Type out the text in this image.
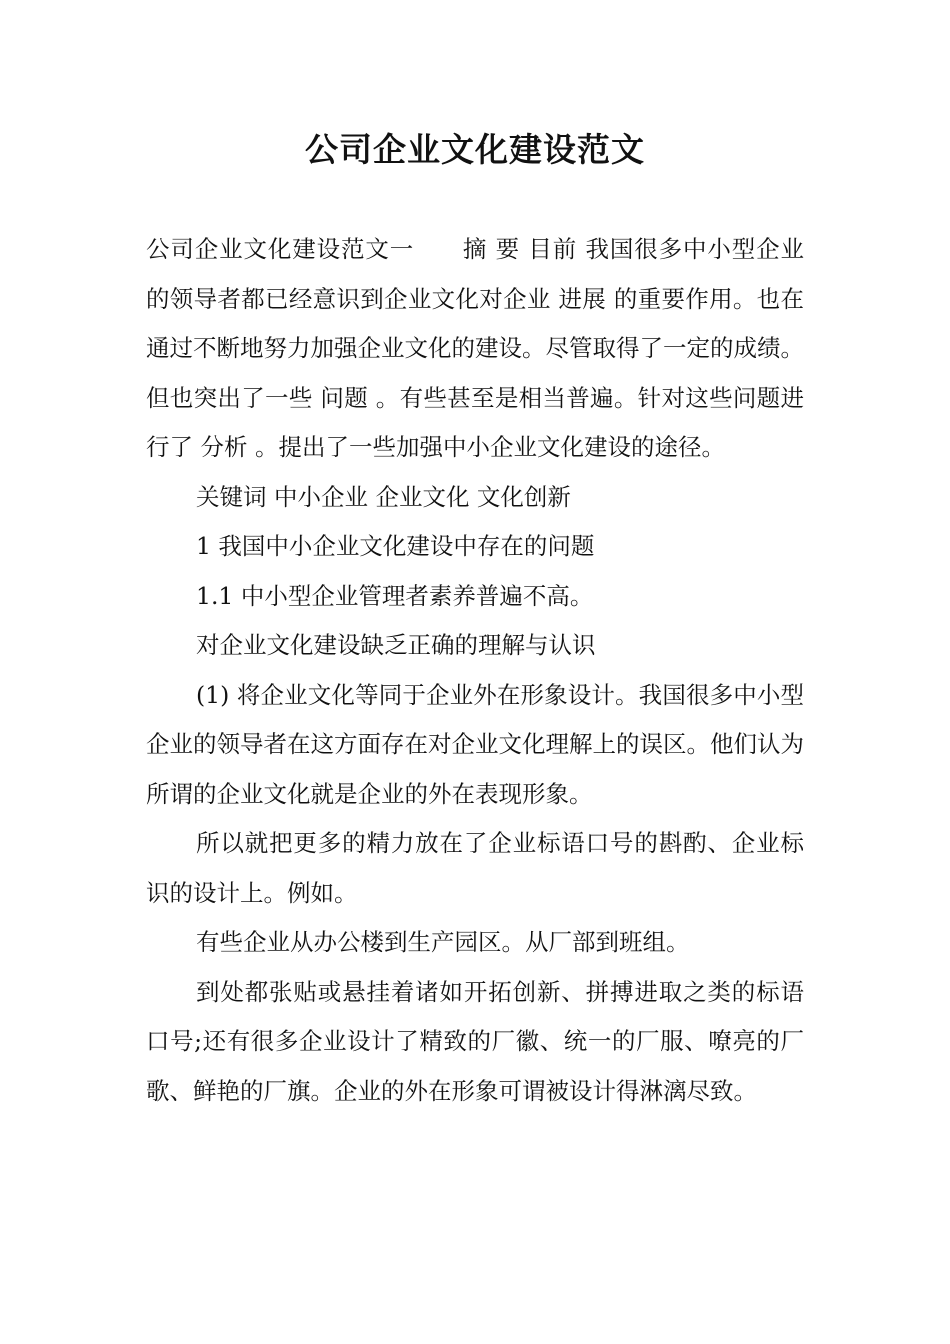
公司企业文化建设范文

公司企业文化建设范文一　　摘 要 目前 我国很多中小型企业 的领导者都已经意识到企业文化对企业 进展 的重要作用。也在通过不断地努力加强企业文化的建设。尽管取得了一定的成绩。但也突出了一些 问题 。有些甚至是相当普遍。针对这些问题进行了 分析 。提出了一些加强中小企业文化建设的途径。

关键词 中小企业 企业文化 文化创新

1 我国中小企业文化建设中存在的问题

1.1 中小型企业管理者素养普遍不高。

对企业文化建设缺乏正确的理解与认识

(1) 将企业文化等同于企业外在形象设计。我国很多中小型企业的领导者在这方面存在对企业文化理解上的误区。他们认为所谓的企业文化就是企业的外在表现形象。

所以就把更多的精力放在了企业标语口号的斟酌、企业标识的设计上。例如。

有些企业从办公楼到生产园区。从厂部到班组。

到处都张贴或悬挂着诸如开拓创新、拼搏进取之类的标语口号;还有很多企业设计了精致的厂徽、统一的厂服、嘹亮的厂歌、鲜艳的厂旗。企业的外在形象可谓被设计得淋漓尽致。
